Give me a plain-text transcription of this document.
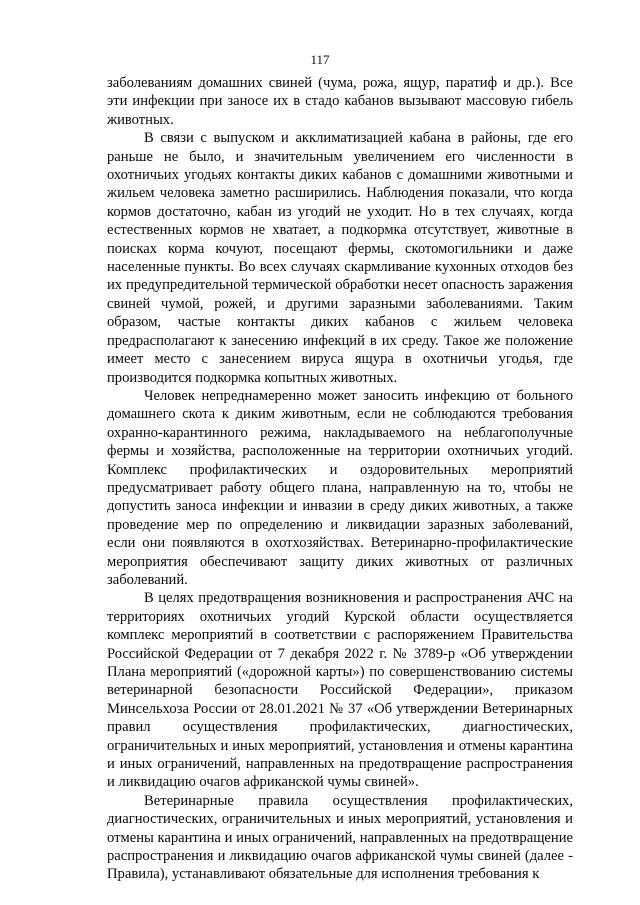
117

заболеваниям домашних свиней (чума, рожа, ящур, паратиф и др.). Все эти инфекции при заносе их в стадо кабанов вызывают массовую гибель животных.

В связи с выпуском и акклиматизацией кабана в районы, где его раньше не было, и значительным увеличением его численности в охотничьих угодьях контакты диких кабанов с домашними животными и жильем человека заметно расширились. Наблюдения показали, что когда кормов достаточно, кабан из угодий не уходит. Но в тех случаях, когда естественных кормов не хватает, а подкормка отсутствует, животные в поисках корма кочуют, посещают фермы, скотомогильники и даже населенные пункты. Во всех случаях скармливание кухонных отходов без их предупредительной термической обработки несет опасность заражения свиней чумой, рожей, и другими заразными заболеваниями. Таким образом, частые контакты диких кабанов с жильем человека предрасполагают к занесению инфекций в их среду. Такое же положение имеет место с занесением вируса ящура в охотничьи угодья, где производится подкормка копытных животных.

Человек непреднамеренно может заносить инфекцию от больного домашнего скота к диким животным, если не соблюдаются требования охранно-карантинного режима, накладываемого на неблагополучные фермы и хозяйства, расположенные на территории охотничьих угодий. Комплекс профилактических и оздоровительных мероприятий предусматривает работу общего плана, направленную на то, чтобы не допустить заноса инфекции и инвазии в среду диких животных, а также проведение мер по определению и ликвидации заразных заболеваний, если они появляются в охотхозяйствах. Ветеринарно-профилактические мероприятия обеспечивают защиту диких животных от различных заболеваний.

В целях предотвращения возникновения и распространения АЧС на территориях охотничьих угодий Курской области осуществляется комплекс мероприятий в соответствии с распоряжением Правительства Российской Федерации от 7 декабря 2022 г. № 3789-р «Об утверждении Плана мероприятий («дорожной карты») по совершенствованию системы ветеринарной безопасности Российской Федерации», приказом Минсельхоза России от 28.01.2021 № 37 «Об утверждении Ветеринарных правил осуществления профилактических, диагностических, ограничительных и иных мероприятий, установления и отмены карантина и иных ограничений, направленных на предотвращение распространения и ликвидацию очагов африканской чумы свиней».

Ветеринарные правила осуществления профилактических, диагностических, ограничительных и иных мероприятий, установления и отмены карантина и иных ограничений, направленных на предотвращение распространения и ликвидацию очагов африканской чумы свиней (далее - Правила), устанавливают обязательные для исполнения требования к
